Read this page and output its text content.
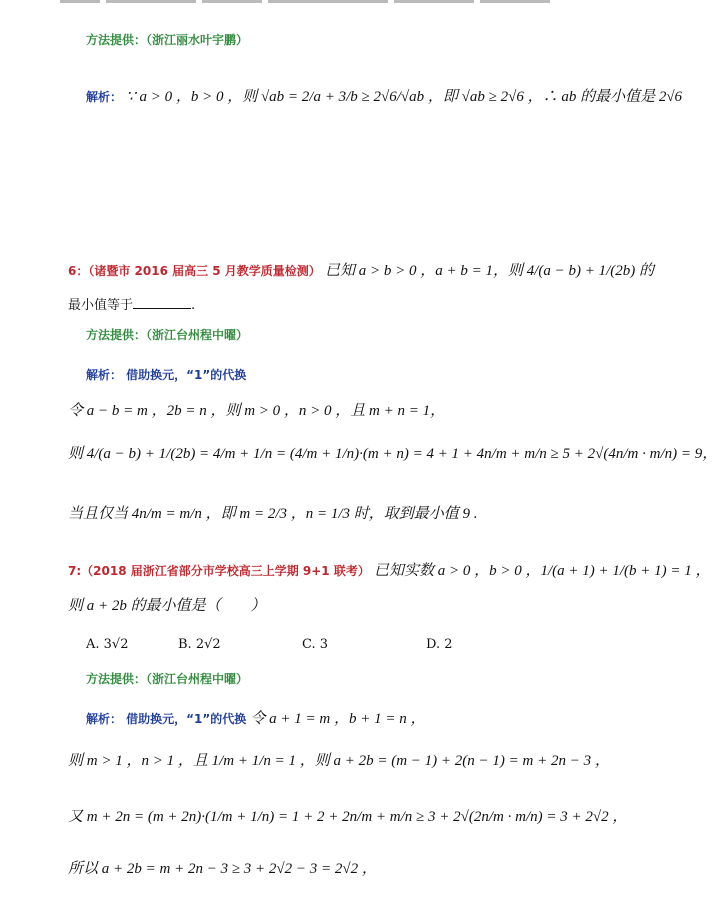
方法提供：（浙江丽水叶宇鹏）
解析： ∵ a > 0 ，b > 0 ，则 √ab = 2/a + 3/b ≥ 2√6/√ab ，即 √ab ≥ 2√6 ，∴ ab 的最小值是 2√6
6：（诸暨市 2016 届高三 5 月教学质量检测） 已知 a > b > 0 ，a + b = 1，则 4/(a − b) + 1/(2b) 的
最小值等于	.
方法提供：（浙江台州程中曜）
解析： 借助换元，“1”的代换
令 a − b = m ，2b = n ，则 m > 0 ，n > 0 ，且 m + n = 1，
则 4/(a − b) + 1/(2b) = 4/m + 1/n = (4/m + 1/n)·(m + n) = 4 + 1 + 4n/m + m/n ≥ 5 + 2√(4n/m · m/n) = 9，
当且仅当 4n/m = m/n ，即 m = 2/3 ，n = 1/3 时，取到最小值 9 .
7:（2018 届浙江省部分市学校高三上学期 9+1 联考） 已知实数 a > 0 ，b > 0 ，1/(a + 1) + 1/(b + 1) = 1 ，
则 a + 2b 的最小值是（　　）
A. 3√2	B. 2√2	C. 3	D. 2
方法提供：（浙江台州程中曜）
解析： 借助换元，“1”的代换 令 a + 1 = m ，b + 1 = n ，
则 m > 1 ，n > 1 ，且 1/m + 1/n = 1 ，则 a + 2b = (m − 1) + 2(n − 1) = m + 2n − 3 ，
又 m + 2n = (m + 2n)·(1/m + 1/n) = 1 + 2 + 2n/m + m/n ≥ 3 + 2√(2n/m · m/n) = 3 + 2√2 ，
所以 a + 2b = m + 2n − 3 ≥ 3 + 2√2 − 3 = 2√2 ，
